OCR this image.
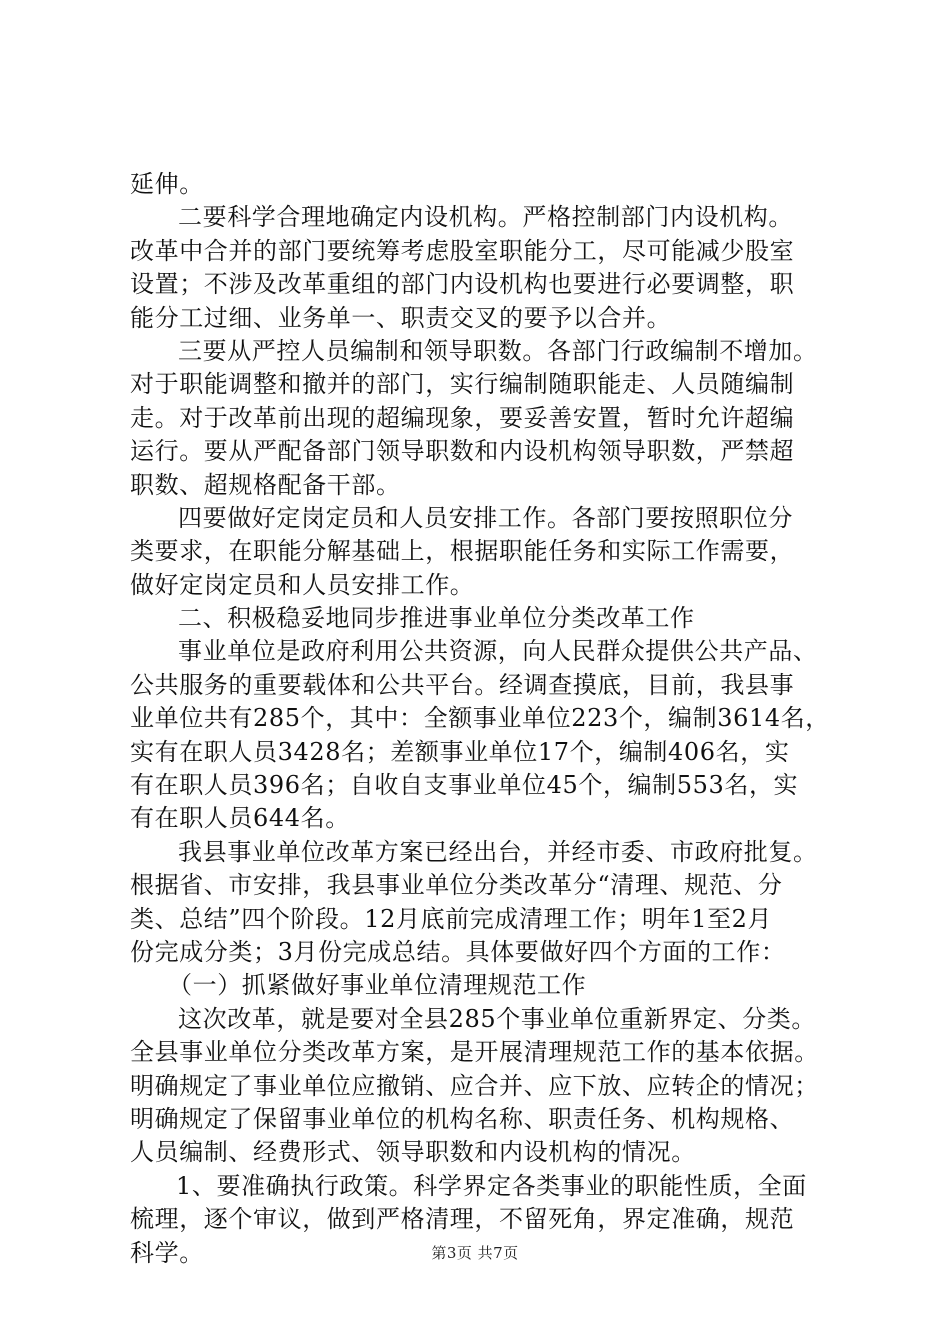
延伸。
二要科学合理地确定内设机构。严格控制部门内设机构。
改革中合并的部门要统筹考虑股室职能分工，尽可能减少股室
设置；不涉及改革重组的部门内设机构也要进行必要调整，职
能分工过细、业务单一、职责交叉的要予以合并。
三要从严控人员编制和领导职数。各部门行政编制不增加。
对于职能调整和撤并的部门，实行编制随职能走、人员随编制
走。对于改革前出现的超编现象，要妥善安置，暂时允许超编
运行。要从严配备部门领导职数和内设机构领导职数，严禁超
职数、超规格配备干部。
四要做好定岗定员和人员安排工作。各部门要按照职位分
类要求，在职能分解基础上，根据职能任务和实际工作需要，
做好定岗定员和人员安排工作。
二、积极稳妥地同步推进事业单位分类改革工作
事业单位是政府利用公共资源，向人民群众提供公共产品、
公共服务的重要载体和公共平台。经调查摸底，目前，我县事
业单位共有285个，其中：全额事业单位223个，编制3614名，
实有在职人员3428名；差额事业单位17个，编制406名，实
有在职人员396名；自收自支事业单位45个，编制553名，实
有在职人员644名。
我县事业单位改革方案已经出台，并经市委、市政府批复。
根据省、市安排，我县事业单位分类改革分“清理、规范、分
类、总结”四个阶段。12月底前完成清理工作；明年1至2月
份完成分类；3月份完成总结。具体要做好四个方面的工作：
（一）抓紧做好事业单位清理规范工作
这次改革，就是要对全县285个事业单位重新界定、分类。
全县事业单位分类改革方案，是开展清理规范工作的基本依据。
明确规定了事业单位应撤销、应合并、应下放、应转企的情况；
明确规定了保留事业单位的机构名称、职责任务、机构规格、
人员编制、经费形式、领导职数和内设机构的情况。
1、要准确执行政策。科学界定各类事业的职能性质，全面
梳理，逐个审议，做到严格清理，不留死角，界定准确，规范
科学。	第3页 共7页
